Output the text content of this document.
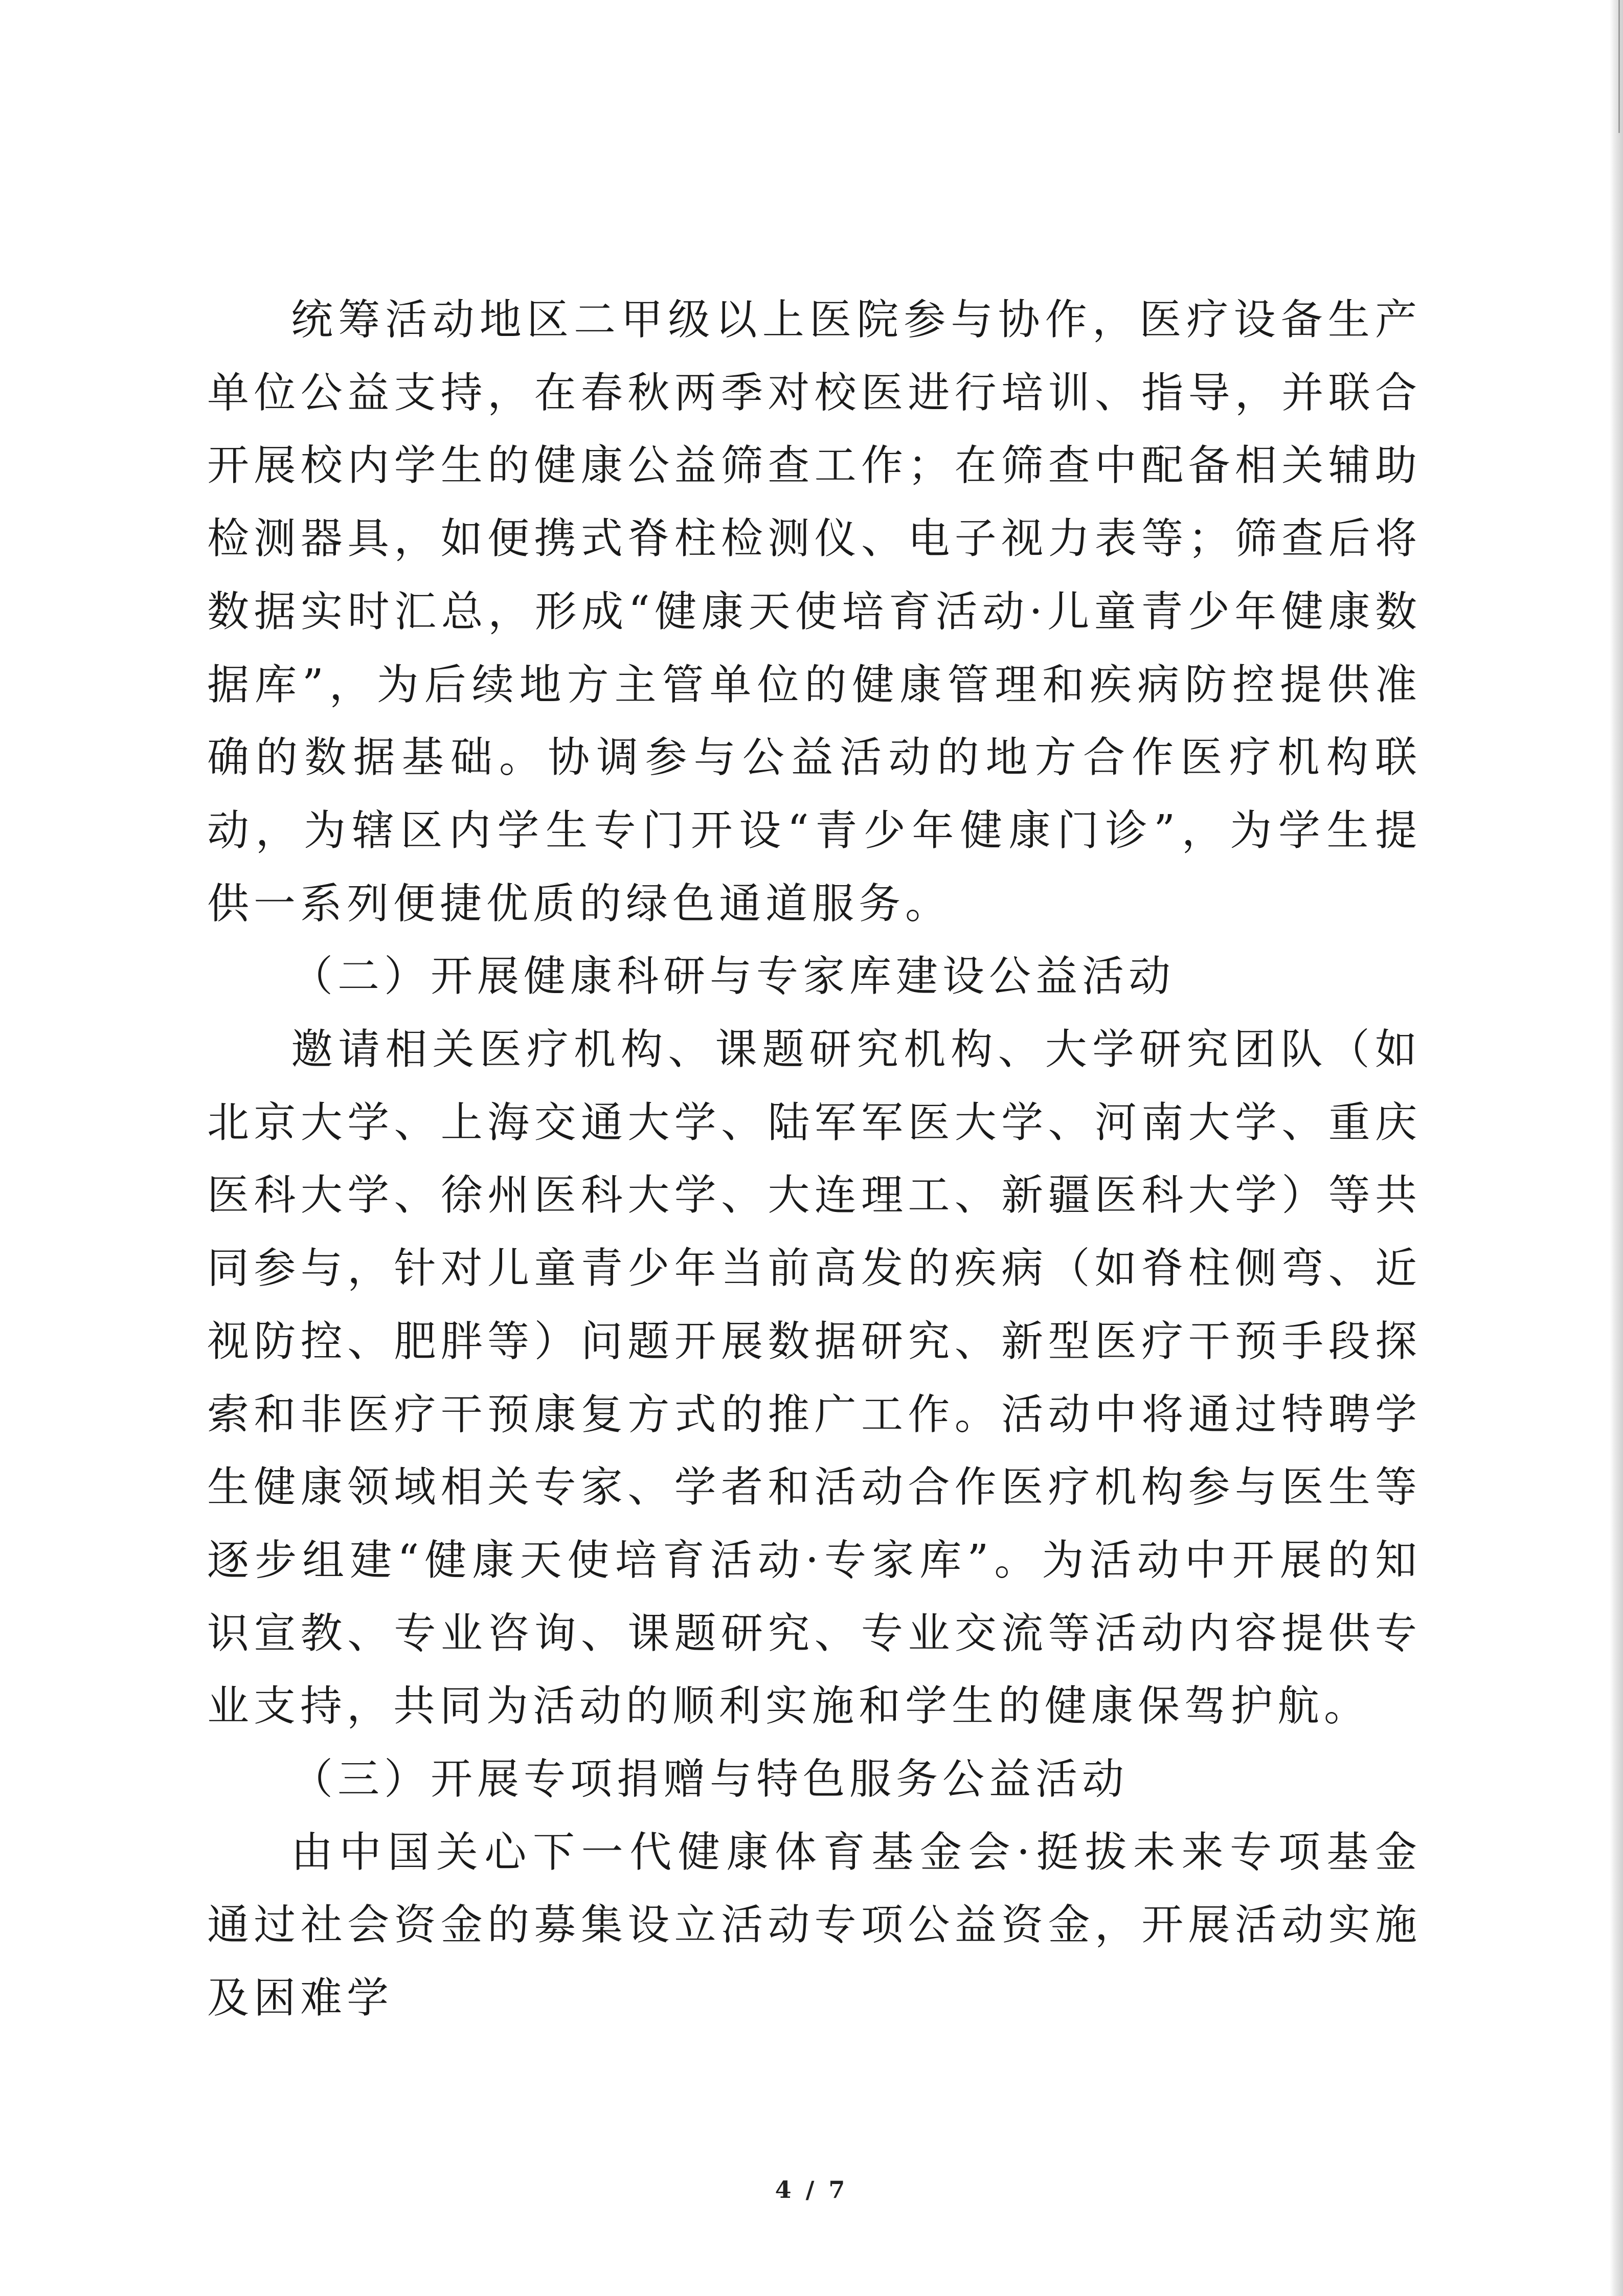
统筹活动地区二甲级以上医院参与协作，医疗设备生产单位公益支持，在春秋两季对校医进行培训、指导，并联合开展校内学生的健康公益筛查工作；在筛查中配备相关辅助检测器具，如便携式脊柱检测仪、电子视力表等；筛查后将数据实时汇总，形成“健康天使培育活动·儿童青少年健康数据库”，为后续地方主管单位的健康管理和疾病防控提供准确的数据基础。协调参与公益活动的地方合作医疗机构联动，为辖区内学生专门开设“青少年健康门诊”，为学生提供一系列便捷优质的绿色通道服务。

（二）开展健康科研与专家库建设公益活动

邀请相关医疗机构、课题研究机构、大学研究团队（如北京大学、上海交通大学、陆军军医大学、河南大学、重庆医科大学、徐州医科大学、大连理工、新疆医科大学）等共同参与，针对儿童青少年当前高发的疾病（如脊柱侧弯、近视防控、肥胖等）问题开展数据研究、新型医疗干预手段探索和非医疗干预康复方式的推广工作。活动中将通过特聘学生健康领域相关专家、学者和活动合作医疗机构参与医生等逐步组建“健康天使培育活动·专家库”。为活动中开展的知识宣教、专业咨询、课题研究、专业交流等活动内容提供专业支持，共同为活动的顺利实施和学生的健康保驾护航。

（三）开展专项捐赠与特色服务公益活动

由中国关心下一代健康体育基金会·挺拔未来专项基金通过社会资金的募集设立活动专项公益资金，开展活动实施及困难学

4 / 7
